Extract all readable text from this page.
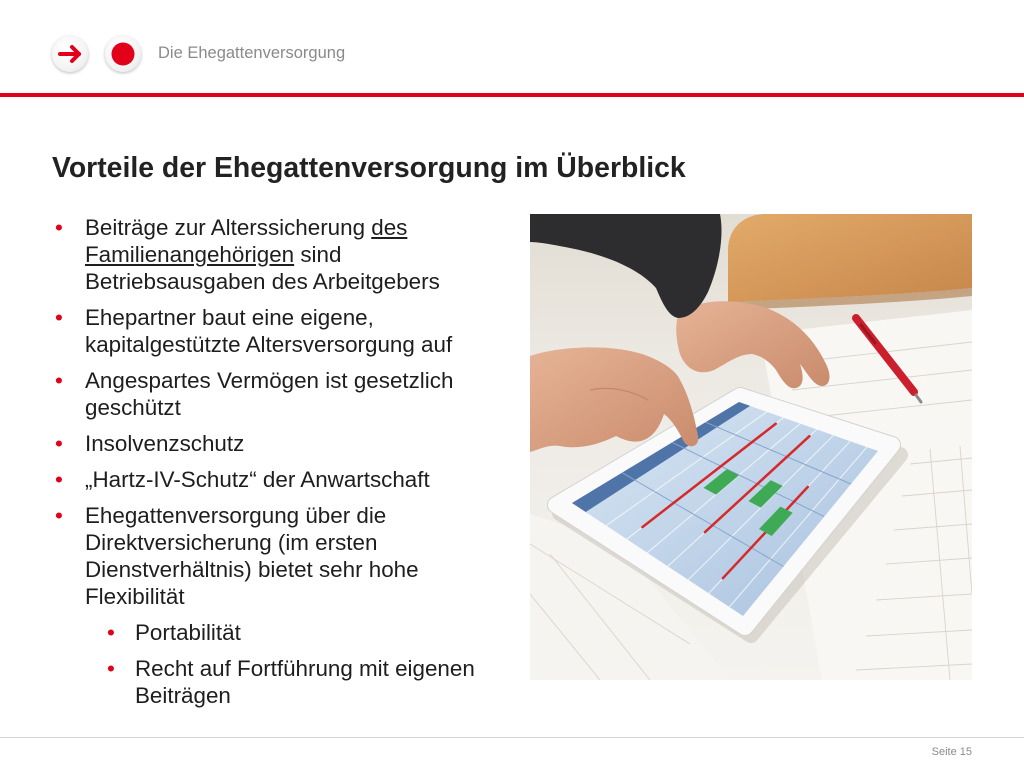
Die Ehegattenversorgung
Vorteile der Ehegattenversorgung im Überblick
• Beiträge zur Alterssicherung des Familienangehörigen sind Betriebsausgaben des Arbeitgebers
• Ehepartner baut eine eigene, kapitalgestützte Altersversorgung auf
• Angespartes Vermögen ist gesetzlich geschützt
• Insolvenzschutz
• „Hartz-IV-Schutz“ der Anwartschaft
• Ehegattenversorgung über die Direktversicherung (im ersten Dienstverhältnis) bietet sehr hohe Flexibilität
• Portabilität
• Recht auf Fortführung mit eigenen Beiträgen
Seite 15
